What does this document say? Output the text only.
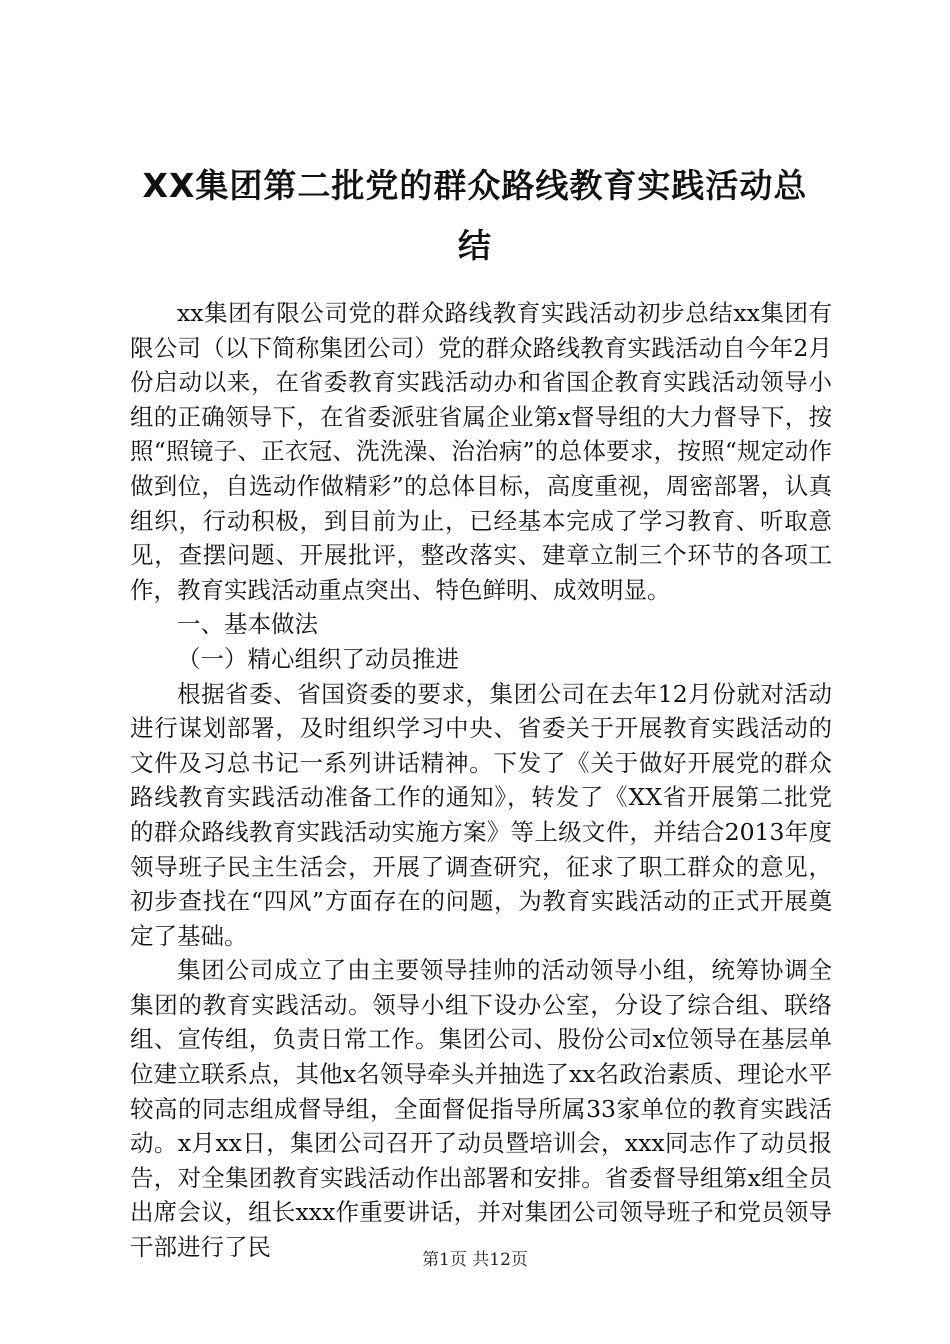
XX集团第二批党的群众路线教育实践活动总
结

xx集团有限公司党的群众路线教育实践活动初步总结xx集团有限公司（以下简称集团公司）党的群众路线教育实践活动自今年2月份启动以来，在省委教育实践活动办和省国企教育实践活动领导小组的正确领导下，在省委派驻省属企业第x督导组的大力督导下，按照“照镜子、正衣冠、洗洗澡、治治病”的总体要求，按照“规定动作做到位，自选动作做精彩”的总体目标，高度重视，周密部署，认真组织，行动积极，到目前为止，已经基本完成了学习教育、听取意见，查摆问题、开展批评，整改落实、建章立制三个环节的各项工作，教育实践活动重点突出、特色鲜明、成效明显。

一、基本做法

（一）精心组织了动员推进

根据省委、省国资委的要求，集团公司在去年12月份就对活动进行谋划部署，及时组织学习中央、省委关于开展教育实践活动的文件及习总书记一系列讲话精神。下发了《关于做好开展党的群众路线教育实践活动准备工作的通知》，转发了《XX省开展第二批党的群众路线教育实践活动实施方案》等上级文件，并结合2013年度领导班子民主生活会，开展了调查研究，征求了职工群众的意见，初步查找在“四风”方面存在的问题，为教育实践活动的正式开展奠定了基础。

集团公司成立了由主要领导挂帅的活动领导小组，统筹协调全集团的教育实践活动。领导小组下设办公室，分设了综合组、联络组、宣传组，负责日常工作。集团公司、股份公司x位领导在基层单位建立联系点，其他x名领导牵头并抽选了xx名政治素质、理论水平较高的同志组成督导组，全面督促指导所属33家单位的教育实践活动。x月xx日，集团公司召开了动员暨培训会，xxx同志作了动员报告，对全集团教育实践活动作出部署和安排。省委督导组第x组全员出席会议，组长xxx作重要讲话，并对集团公司领导班子和党员领导干部进行了民	第1页 共12页
